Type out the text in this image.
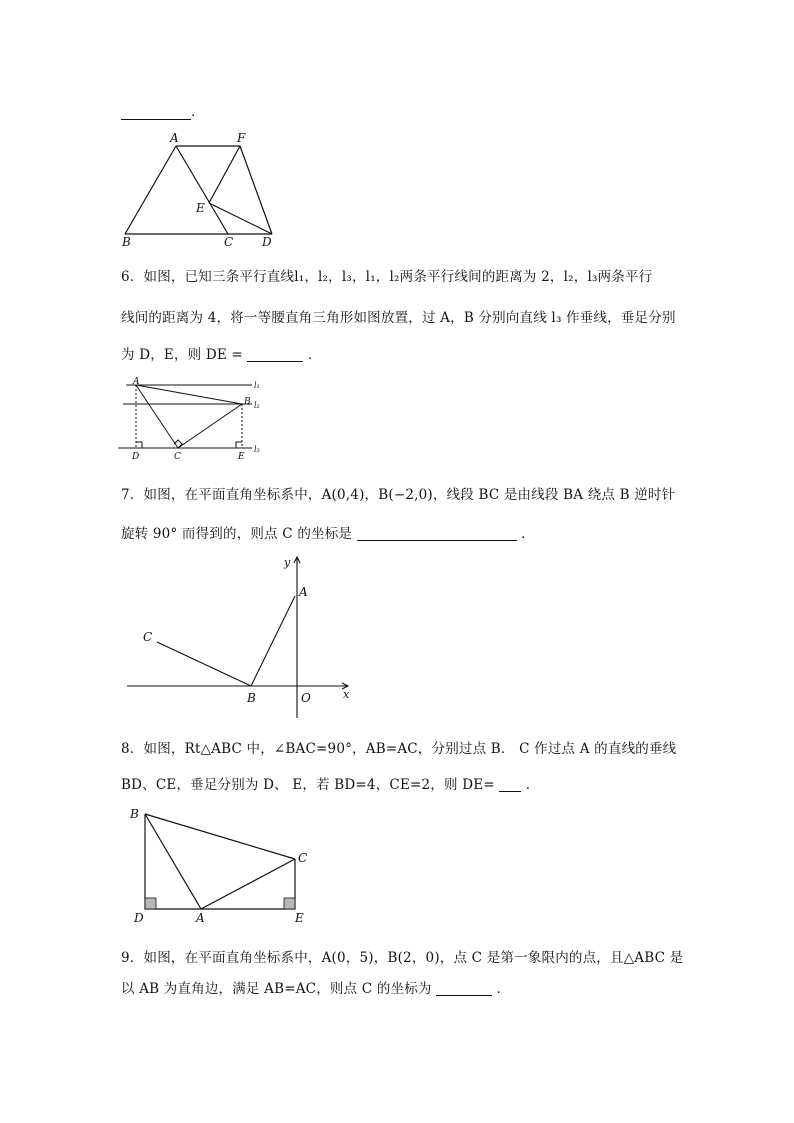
.
A	F
E
B	C D
6．如图，已知三条平行直线l₁，l₂，l₃，l₁，l₂两条平行线间的距离为 2，l₂，l₃两条平行
线间的距离为 4，将一等腰直角三角形如图放置，过 A，B 分别向直线 l₃ 作垂线，垂足分别
为 D，E，则 DE =	．
A
B
C
D	E
l₁
l₂
l₃
7．如图，在平面直角坐标系中，A(0,4)，B(−2,0)，线段 BC 是由线段 BA 绕点 B 逆时针
旋转 90° 而得到的，则点 C 的坐标是	．
y
x
A
B
C
O
8．如图，Rt△ABC 中，∠BAC=90°，AB=AC，分别过点 B． C 作过点 A 的直线的垂线
BD、CE，垂足分别为 D、 E，若 BD=4，CE=2，则 DE= ．
B
C
D	A	E
9．如图，在平面直角坐标系中，A(0，5)，B(2，0)，点 C 是第一象限内的点，且△ABC 是
以 AB 为直角边，满足 AB=AC，则点 C 的坐标为	．
